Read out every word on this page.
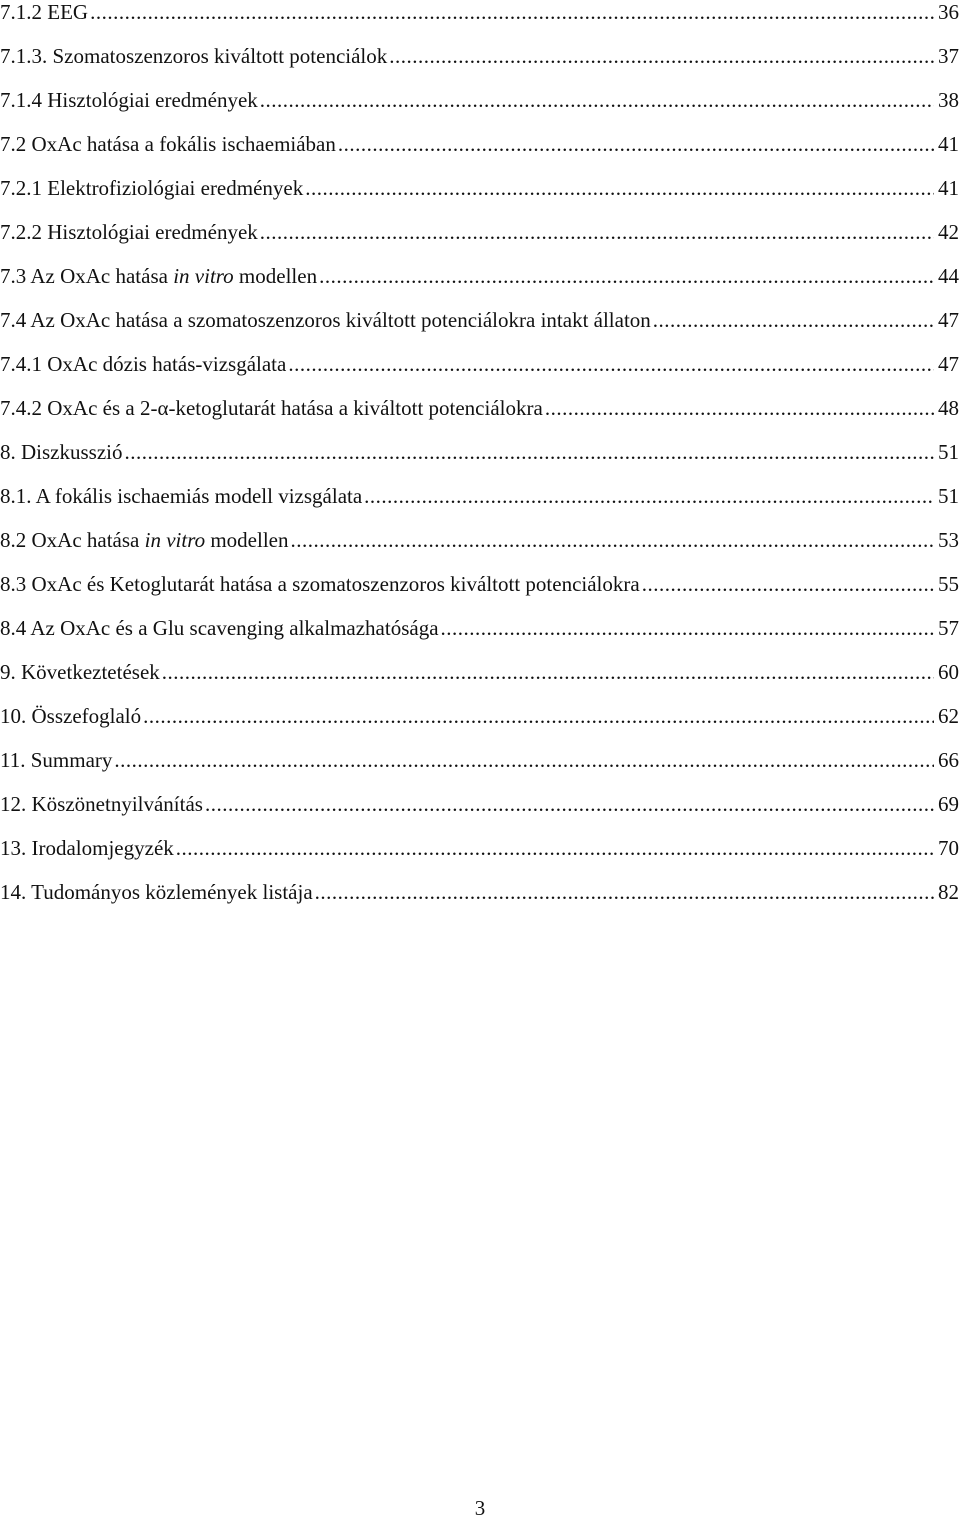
7.1.2 EEG .....	36
7.1.3. Szomatoszenzoros kiváltott potenciálok .....	37
7.1.4 Hisztológiai eredmények .....	38
7.2 OxAc hatása a fokális ischaemiában .....	41
7.2.1 Elektrofiziológiai eredmények .....	41
7.2.2 Hisztológiai eredmények .....	42
7.3 Az OxAc hatása in vitro modellen .....	44
7.4 Az OxAc hatása a szomatoszenzoros kiváltott potenciálokra intakt állaton .....	47
7.4.1 OxAc dózis hatás-vizsgálata .....	47
7.4.2 OxAc és a 2-α-ketoglutarát hatása a kiváltott potenciálokra .....	48
8. Diszkusszió .....	51
8.1. A fokális ischaemiás modell vizsgálata .....	51
8.2 OxAc hatása in vitro modellen .....	53
8.3 OxAc és Ketoglutarát hatása a szomatoszenzoros kiváltott potenciálokra .....	55
8.4 Az OxAc és a Glu scavenging alkalmazhatósága .....	57
9. Következtetések .....	60
10. Összefoglaló .....	62
11. Summary .....	66
12. Köszönetnyilvánítás .....	69
13. Irodalomjegyzék .....	70
14. Tudományos közlemények listája .....	82
3
